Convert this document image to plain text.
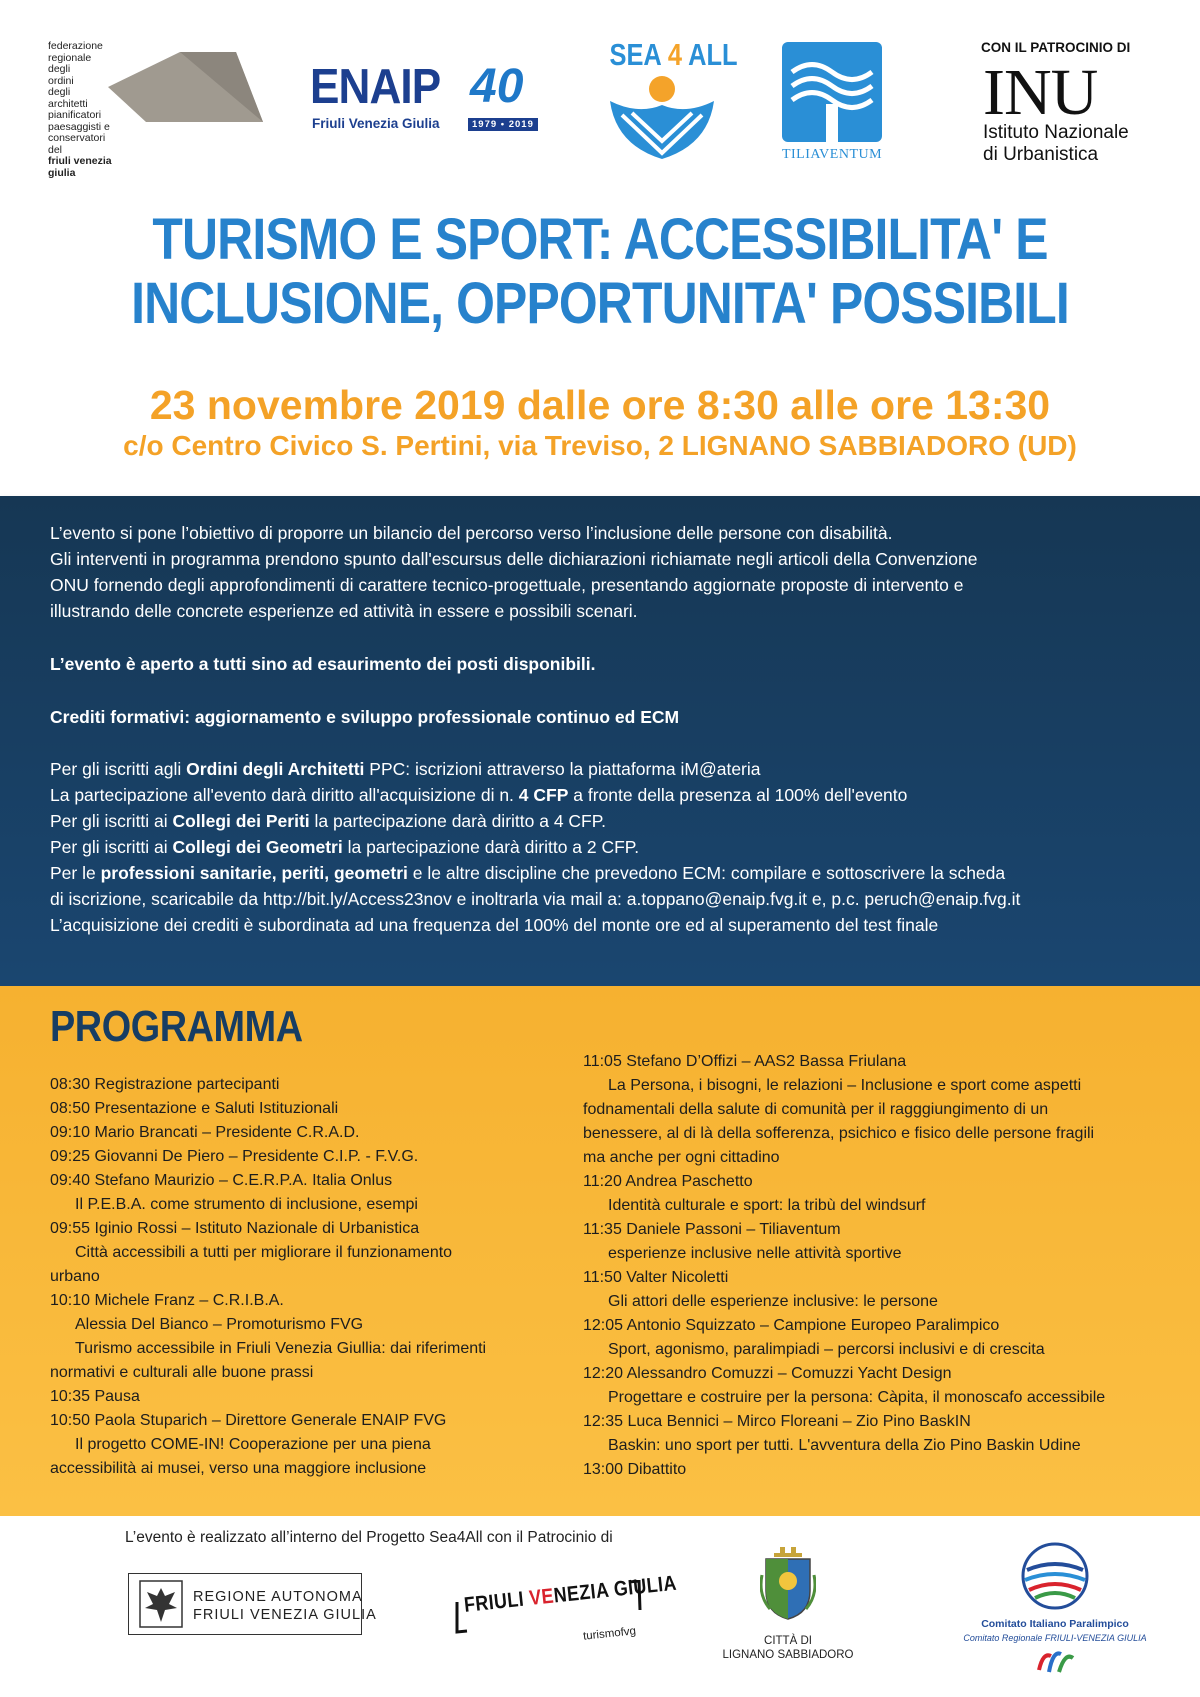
federazione
regionale
degli
ordini
degli
architetti
pianificatori
paesaggisti e
conservatori
del
friuli venezia giulia
ENAIP 40
Friuli Venezia Giulia	1979 • 2019
SEA 4 ALL
TILIAVENTUM
CON IL PATROCINIO DI
INU
Istituto Nazionale
di Urbanistica
TURISMO E SPORT: ACCESSIBILITA' E
INCLUSIONE, OPPORTUNITA' POSSIBILI
23 novembre 2019 dalle ore 8:30 alle ore 13:30
c/o Centro Civico S. Pertini, via Treviso, 2 LIGNANO SABBIADORO (UD)
L’evento si pone l’obiettivo di proporre un bilancio del percorso verso l’inclusione delle persone con disabilità.
Gli interventi in programma prendono spunto dall'escursus delle dichiarazioni richiamate negli articoli della Convenzione
ONU fornendo degli approfondimenti di carattere tecnico-progettuale, presentando aggiornate proposte di intervento e
illustrando delle concrete esperienze ed attività in essere e possibili scenari.
L’evento è aperto a tutti sino ad esaurimento dei posti disponibili.
Crediti formativi: aggiornamento e sviluppo professionale continuo ed ECM
Per gli iscritti agli Ordini degli Architetti PPC: iscrizioni attraverso la piattaforma iM@ateria
La partecipazione all'evento darà diritto all'acquisizione di n. 4 CFP a fronte della presenza al 100% dell'evento
Per gli iscritti ai Collegi dei Periti la partecipazione darà diritto a 4 CFP.
Per gli iscritti ai Collegi dei Geometri la partecipazione darà diritto a 2 CFP.
Per le professioni sanitarie, periti, geometri e le altre discipline che prevedono ECM: compilare e sottoscrivere la scheda
di iscrizione, scaricabile da http://bit.ly/Access23nov e inoltrarla via mail a: a.toppano@enaip.fvg.it e, p.c. peruch@enaip.fvg.it
L’acquisizione dei crediti è subordinata ad una frequenza del 100% del monte ore ed al superamento del test finale
PROGRAMMA
08:30 Registrazione partecipanti
08:50 Presentazione e Saluti Istituzionali
09:10 Mario Brancati – Presidente C.R.A.D.
09:25 Giovanni De Piero – Presidente C.I.P. - F.V.G.
09:40 Stefano Maurizio – C.E.R.P.A. Italia Onlus
Il P.E.B.A. come strumento di inclusione, esempi
09:55 Iginio Rossi – Istituto Nazionale di Urbanistica
Città accessibili a tutti per migliorare il funzionamento
urbano
10:10 Michele Franz – C.R.I.B.A.
Alessia Del Bianco – Promoturismo FVG
Turismo accessibile in Friuli Venezia Giullia: dai riferimenti
normativi e culturali alle buone prassi
10:35 Pausa
10:50 Paola Stuparich – Direttore Generale ENAIP FVG
Il progetto COME-IN! Cooperazione per una piena
accessibilità ai musei, verso una maggiore inclusione
11:05 Stefano D’Offizi – AAS2 Bassa Friulana
La Persona, i bisogni, le relazioni – Inclusione e sport come aspetti
fodnamentali della salute di comunità per il ragggiungimento di un
benessere, al di là della sofferenza, psichico e fisico delle persone fragili
ma anche per ogni cittadino
11:20 Andrea Paschetto
Identità culturale e sport: la tribù del windsurf
11:35 Daniele Passoni – Tiliaventum
esperienze inclusive nelle attività sportive
11:50 Valter Nicoletti
Gli attori delle esperienze inclusive: le persone
12:05 Antonio Squizzato – Campione Europeo Paralimpico
Sport, agonismo, paralimpiadi – percorsi inclusivi e di crescita
12:20 Alessandro Comuzzi – Comuzzi Yacht Design
Progettare e costruire per la persona: Càpita, il monoscafo accessibile
12:35 Luca Bennici – Mirco Floreani – Zio Pino BaskIN
Baskin: uno sport per tutti. L'avventura della Zio Pino Baskin Udine
13:00 Dibattito
L’evento è realizzato all’interno del Progetto Sea4All con il Patrocinio di
REGIONE AUTONOMA
FRIULI VENEZIA GIULIA	FRIULI VENEZIA GIULIA
turismofvg	CITTÀ DI
LIGNANO SABBIADORO
Comitato Italiano Paralimpico
Comitato Regionale FRIULI-VENEZIA GIULIA
